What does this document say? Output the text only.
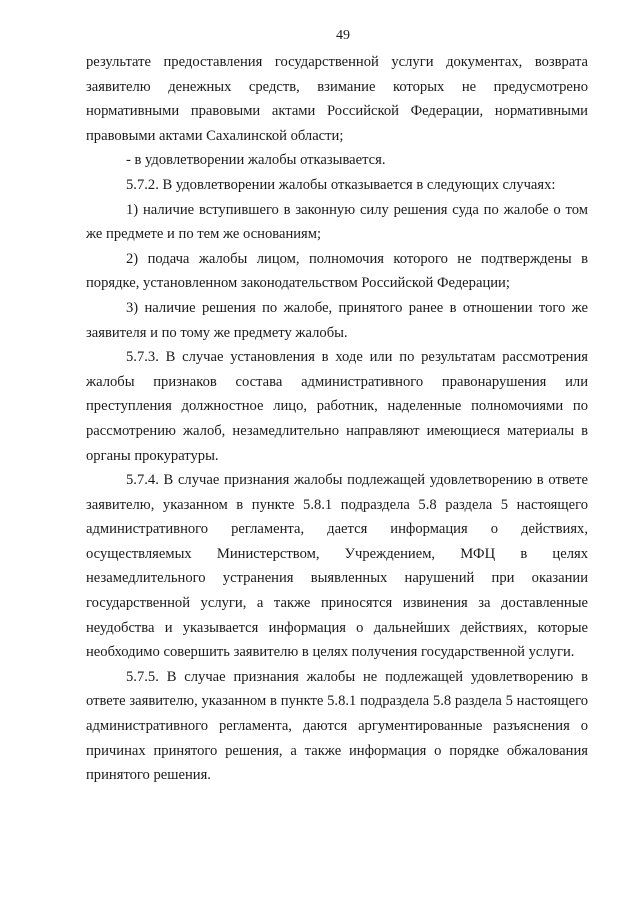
49

результате предоставления государственной услуги документах, возврата заявителю денежных средств, взимание которых не предусмотрено нормативными правовыми актами Российской Федерации, нормативными правовыми актами Сахалинской области;

- в удовлетворении жалобы отказывается.

5.7.2. В удовлетворении жалобы отказывается в следующих случаях:

1) наличие вступившего в законную силу решения суда по жалобе о том же предмете и по тем же основаниям;

2) подача жалобы лицом, полномочия которого не подтверждены в порядке, установленном законодательством Российской Федерации;

3) наличие решения по жалобе, принятого ранее в отношении того же заявителя и по тому же предмету жалобы.

5.7.3. В случае установления в ходе или по результатам рассмотрения жалобы признаков состава административного правонарушения или преступления должностное лицо, работник, наделенные полномочиями по рассмотрению жалоб, незамедлительно направляют имеющиеся материалы в органы прокуратуры.

5.7.4. В случае признания жалобы подлежащей удовлетворению в ответе заявителю, указанном в пункте 5.8.1 подраздела 5.8 раздела 5 настоящего административного регламента, дается информация о действиях, осуществляемых Министерством, Учреждением, МФЦ в целях незамедлительного устранения выявленных нарушений при оказании государственной услуги, а также приносятся извинения за доставленные неудобства и указывается информация о дальнейших действиях, которые необходимо совершить заявителю в целях получения государственной услуги.

5.7.5. В случае признания жалобы не подлежащей удовлетворению в ответе заявителю, указанном в пункте 5.8.1 подраздела 5.8 раздела 5 настоящего административного регламента, даются аргументированные разъяснения о причинах принятого решения, а также информация о порядке обжалования принятого решения.
